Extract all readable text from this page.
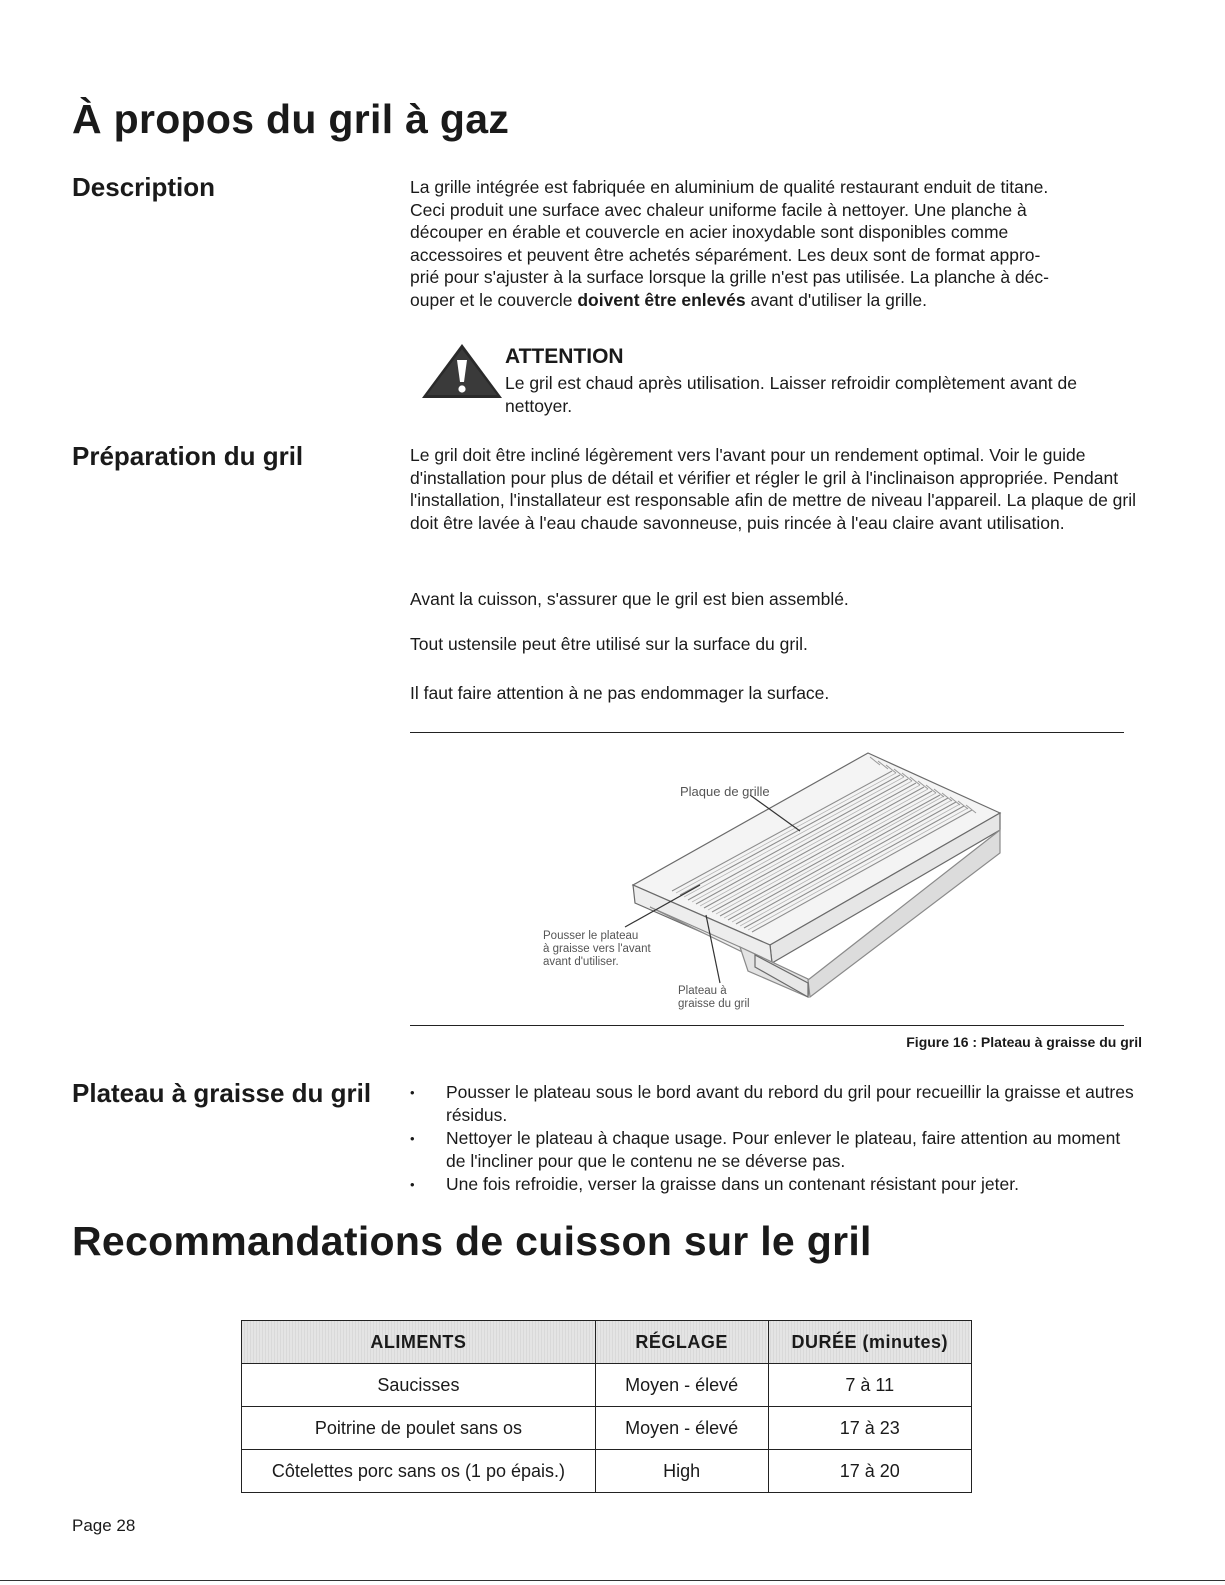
À propos du gril à gaz
Description	La grille intégrée est fabriquée en aluminium de qualité restaurant enduit de titane.
Ceci produit une surface avec chaleur uniforme facile à nettoyer. Une planche à
découper en érable et couvercle en acier inoxydable sont disponibles comme
accessoires et peuvent être achetés séparément. Les deux sont de format appro-
prié pour s'ajuster à la surface lorsque la grille n'est pas utilisée. La planche à déc-
ouper et le couvercle doivent être enlevés avant d'utiliser la grille.
ATTENTION
Le gril est chaud après utilisation. Laisser refroidir complètement avant de nettoyer.
Préparation du gril	Le gril doit être incliné légèrement vers l'avant pour un rendement optimal. Voir le guide d'installation pour plus de détail et vérifier et régler le gril à l'inclinaison appropriée. Pendant l'installation, l'installateur est responsable afin de mettre de niveau l'appareil. La plaque de gril doit être lavée à l'eau chaude savonneuse, puis rincée à l'eau claire avant utilisation.
Avant la cuisson, s'assurer que le gril est bien assemblé.
Tout ustensile peut être utilisé sur la surface du gril.
Il faut faire attention à ne pas endommager la surface.
Plaque de grille
Pousser le plateau
à graisse vers l'avant
avant d'utiliser.
Plateau à
graisse du gril
Figure 16 : Plateau à graisse du gril
Plateau à graisse du gril	• Pousser le plateau sous le bord avant du rebord du gril pour recueillir la graisse et autres résidus.
• Nettoyer le plateau à chaque usage. Pour enlever le plateau, faire attention au moment de l'incliner pour que le contenu ne se déverse pas.
• Une fois refroidie, verser la graisse dans un contenant résistant pour jeter.
Recommandations de cuisson sur le gril
ALIMENTS	RÉGLAGE	DURÉE (minutes)
Saucisses	Moyen - élevé	7 à 11
Poitrine de poulet sans os	Moyen - élevé	17 à 23
Côtelettes porc sans os (1 po épais.)	High	17 à 20
Page 28
